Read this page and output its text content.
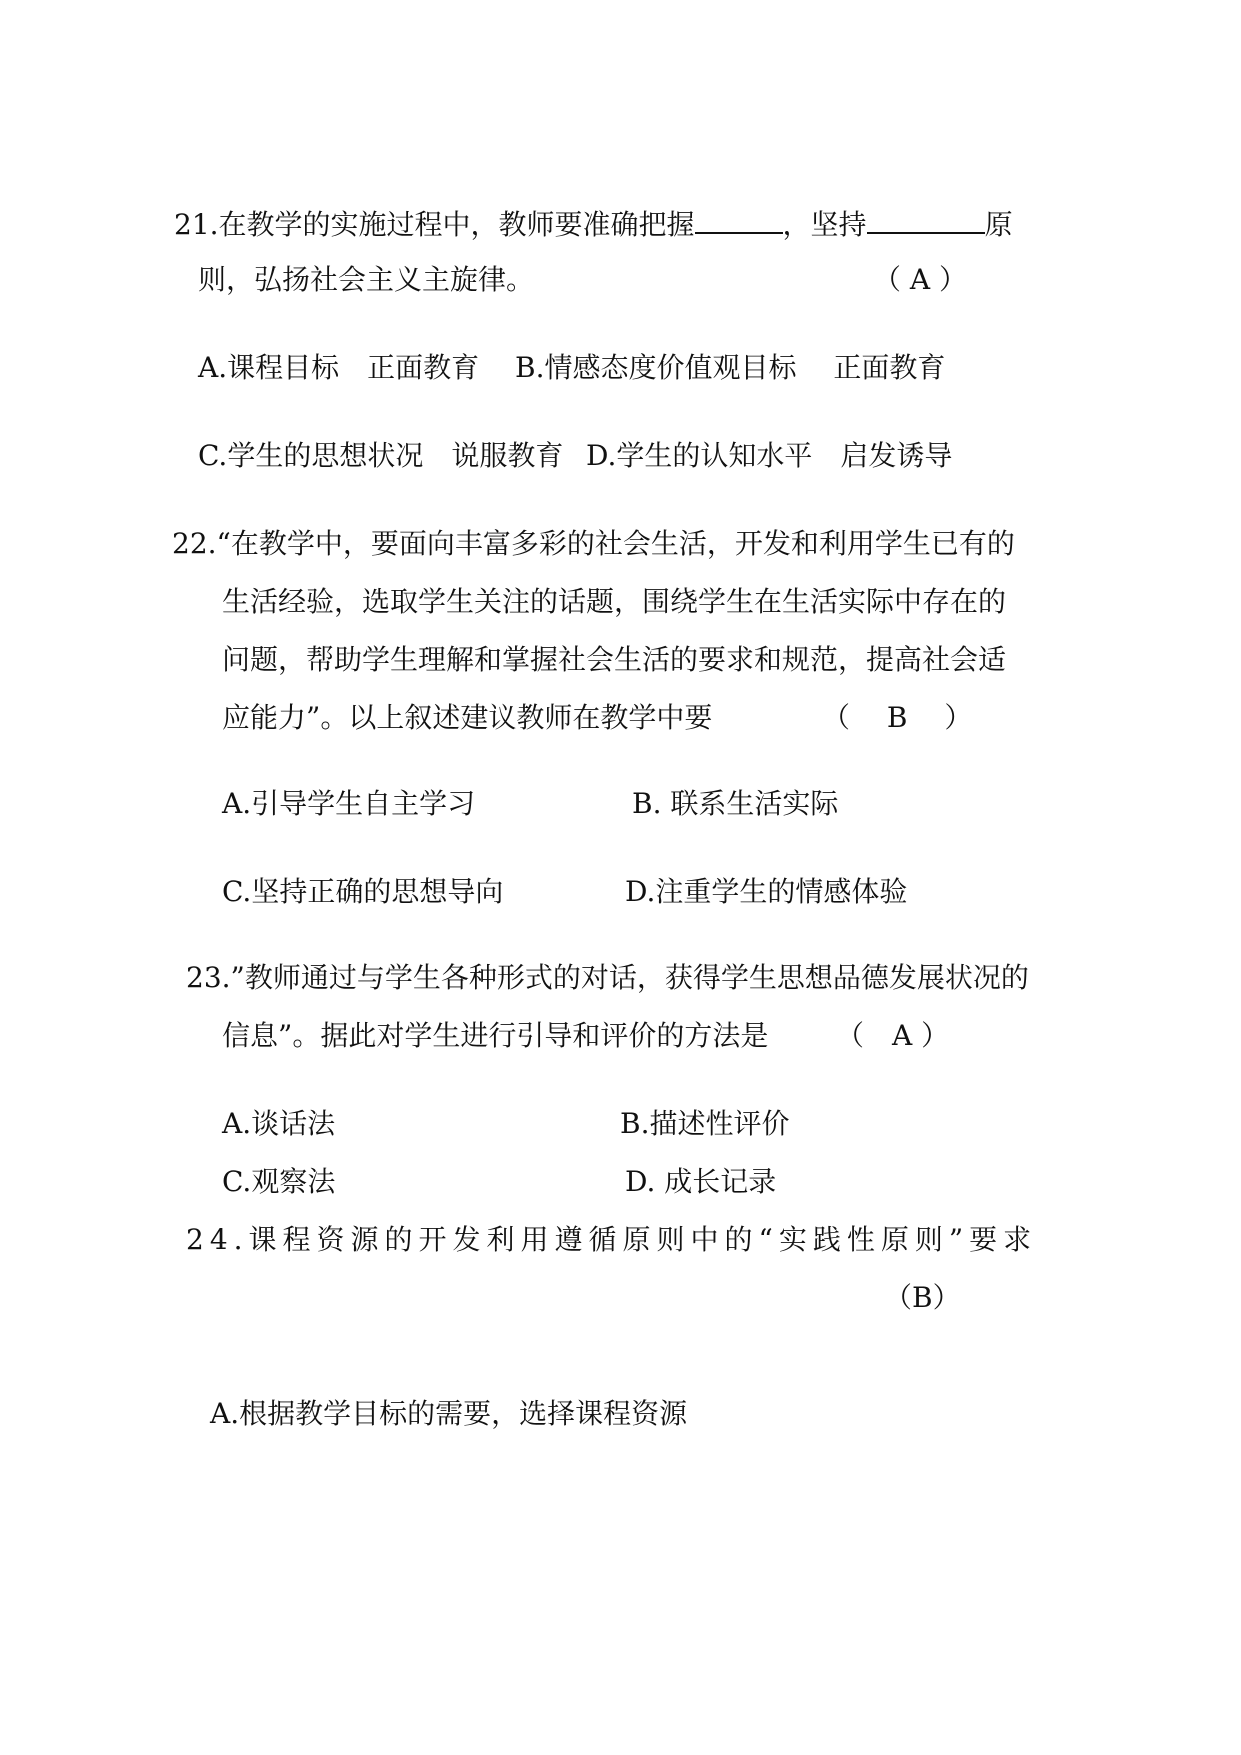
21.在教学的实施过程中，教师要准确把握	，坚持	原
则，弘扬社会主义主旋律。	（ A ）
A.课程目标　正面教育 B.情感态度价值观目标　 正面教育
C.学生的思想状况　说服教育 D.学生的认知水平　启发诱导
22.“在教学中，要面向丰富多彩的社会生活，开发和利用学生已有的
生活经验，选取学生关注的话题，围绕学生在生活实际中存在的
问题，帮助学生理解和掌握社会生活的要求和规范，提高社会适
应能力”。以上叙述建议教师在教学中要	（　 B　 ）
A.引导学生自主学习	B. 联系生活实际
C.坚持正确的思想导向	D.注重学生的情感体验
23.”教师通过与学生各种形式的对话，获得学生思想品德发展状况的
信息”。据此对学生进行引导和评价的方法是 （　A ）
A.谈话法	B.描述性评价
C.观察法	D. 成长记录
24.课程资源的开发利用遵循原则中的“实践性原则”要求
（B）
A.根据教学目标的需要，选择课程资源
